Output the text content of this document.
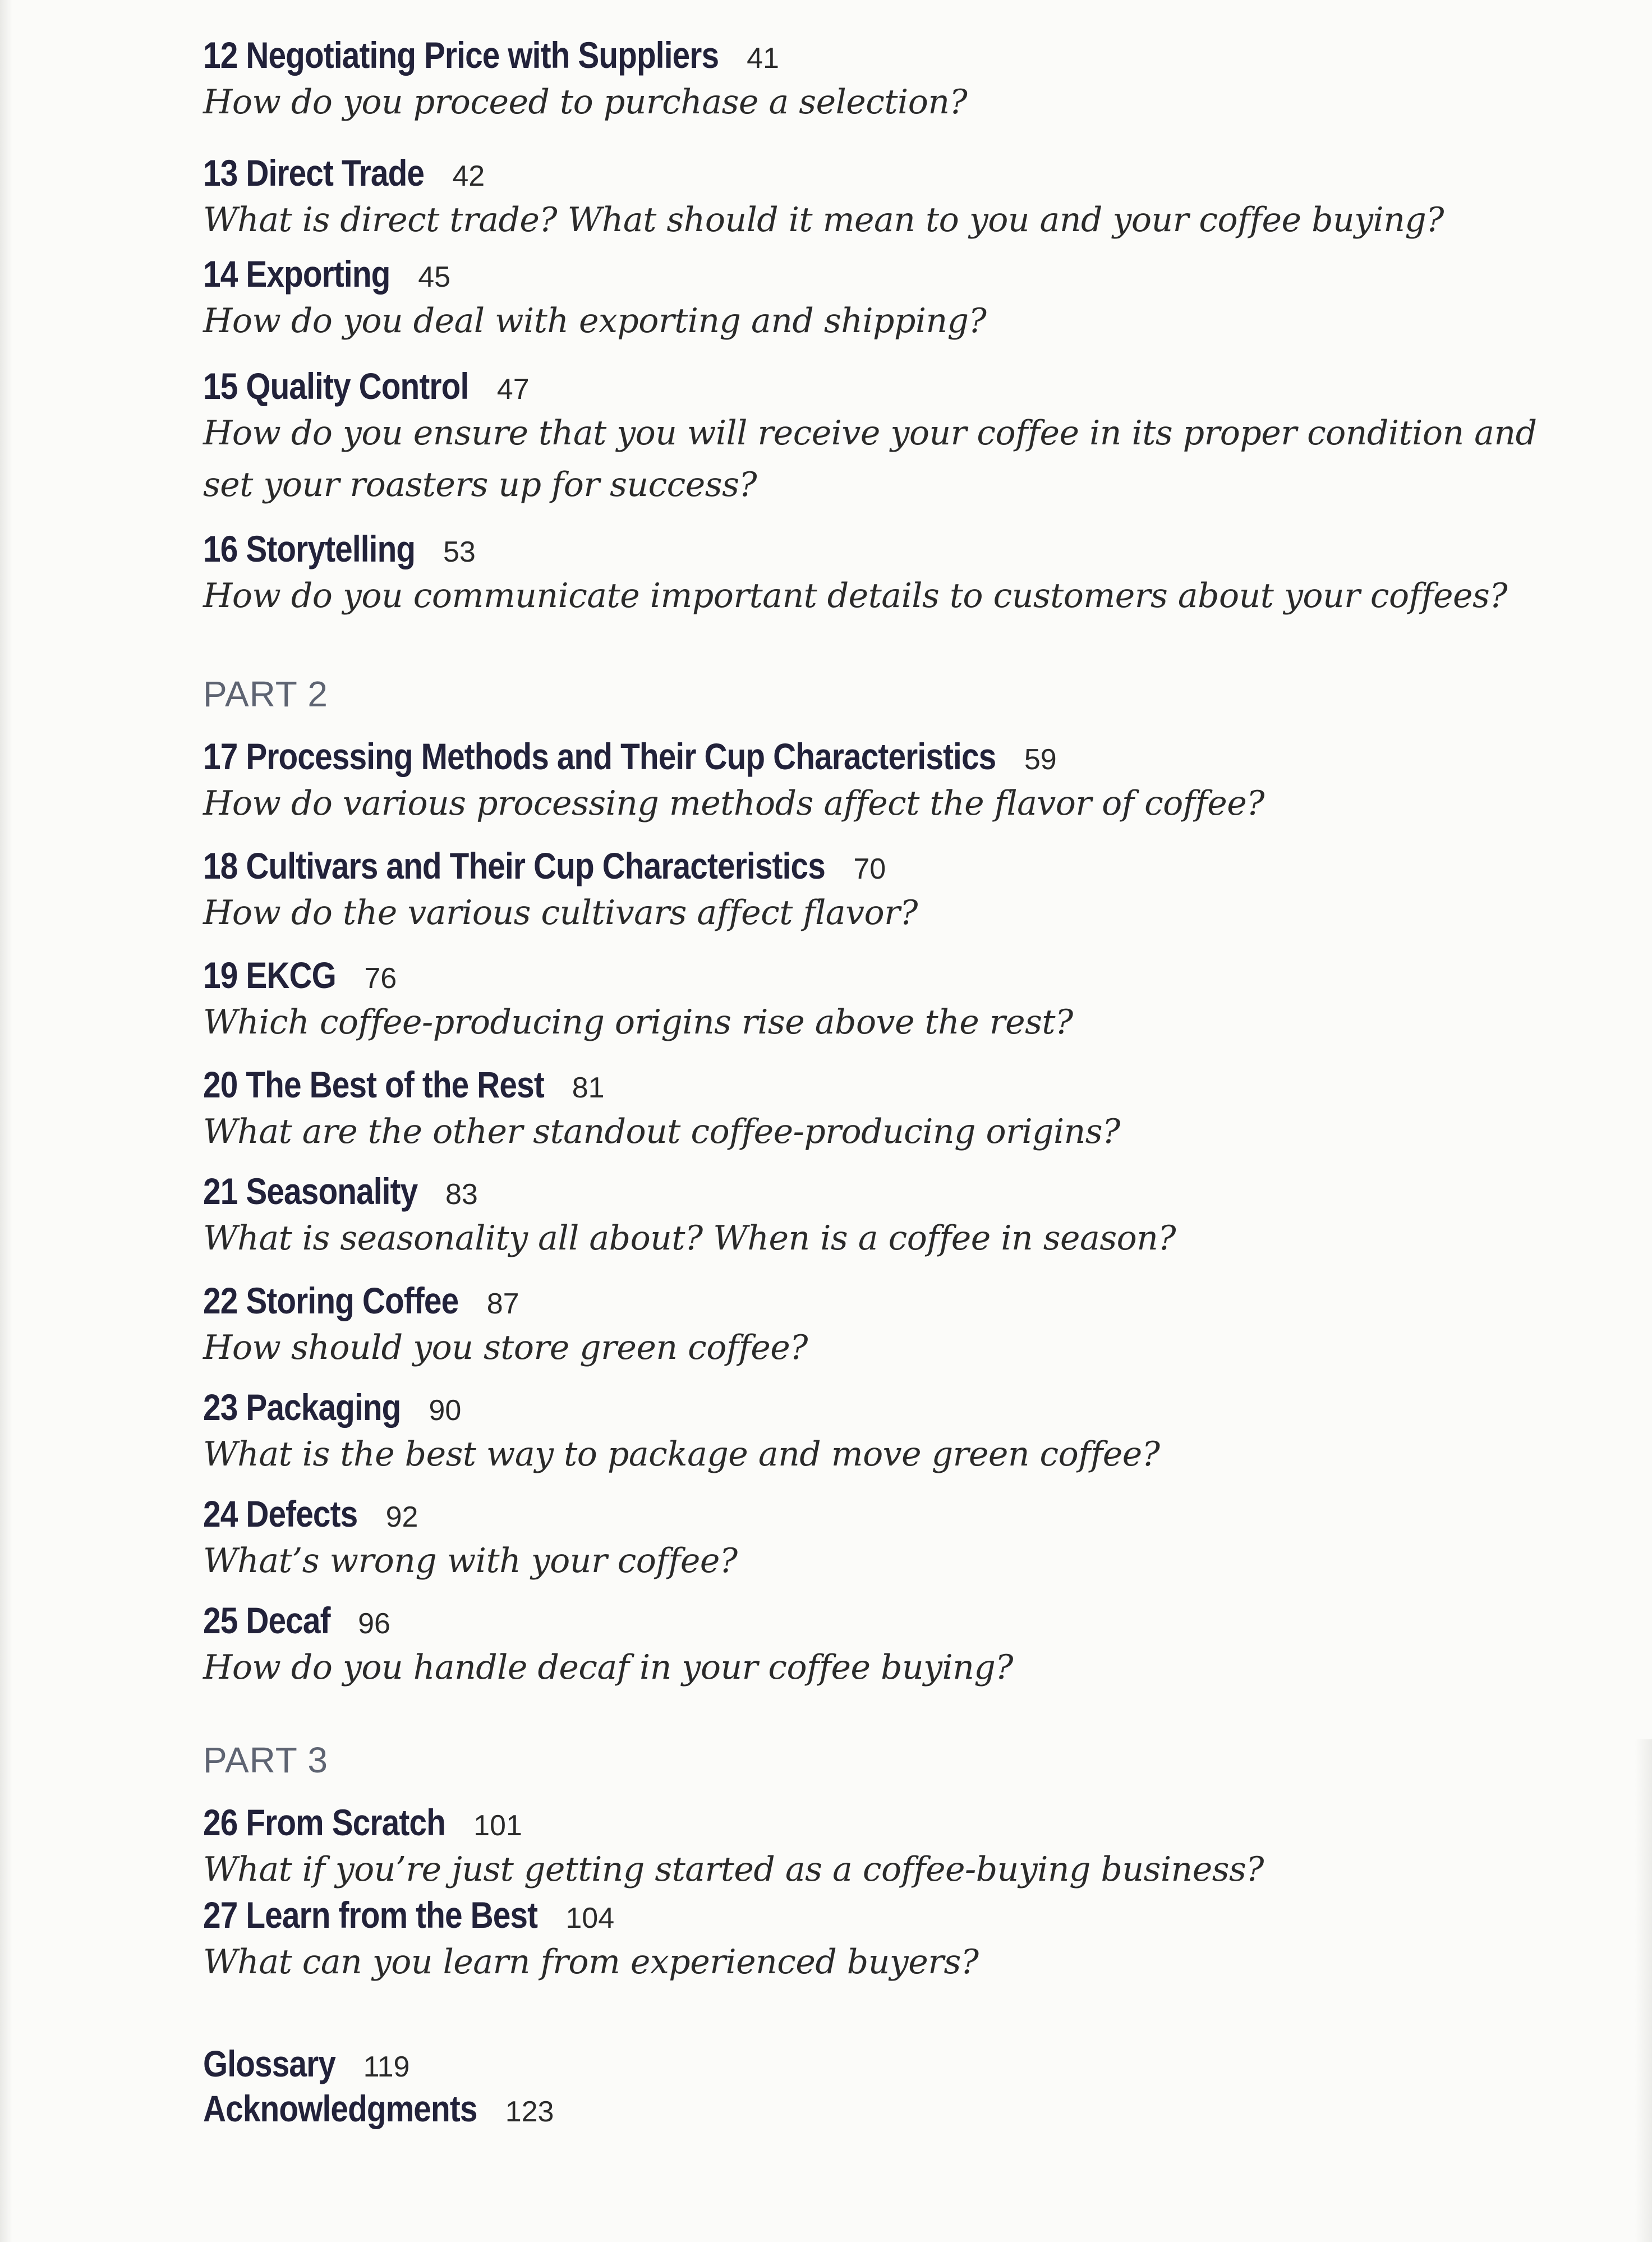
12 Negotiating Price with Suppliers 41
How do you proceed to purchase a selection?
13 Direct Trade 42
What is direct trade? What should it mean to you and your coffee buying?
14 Exporting 45
How do you deal with exporting and shipping?
15 Quality Control 47
How do you ensure that you will receive your coffee in its proper condition and set your roasters up for success?
16 Storytelling 53
How do you communicate important details to customers about your coffees?
PART 2
17 Processing Methods and Their Cup Characteristics 59
How do various processing methods affect the flavor of coffee?
18 Cultivars and Their Cup Characteristics 70
How do the various cultivars affect flavor?
19 EKCG 76
Which coffee-producing origins rise above the rest?
20 The Best of the Rest 81
What are the other standout coffee-producing origins?
21 Seasonality 83
What is seasonality all about? When is a coffee in season?
22 Storing Coffee 87
How should you store green coffee?
23 Packaging 90
What is the best way to package and move green coffee?
24 Defects 92
What’s wrong with your coffee?
25 Decaf 96
How do you handle decaf in your coffee buying?
PART 3
26 From Scratch 101
What if you’re just getting started as a coffee-buying business?
27 Learn from the Best 104
What can you learn from experienced buyers?
Glossary 119
Acknowledgments 123
